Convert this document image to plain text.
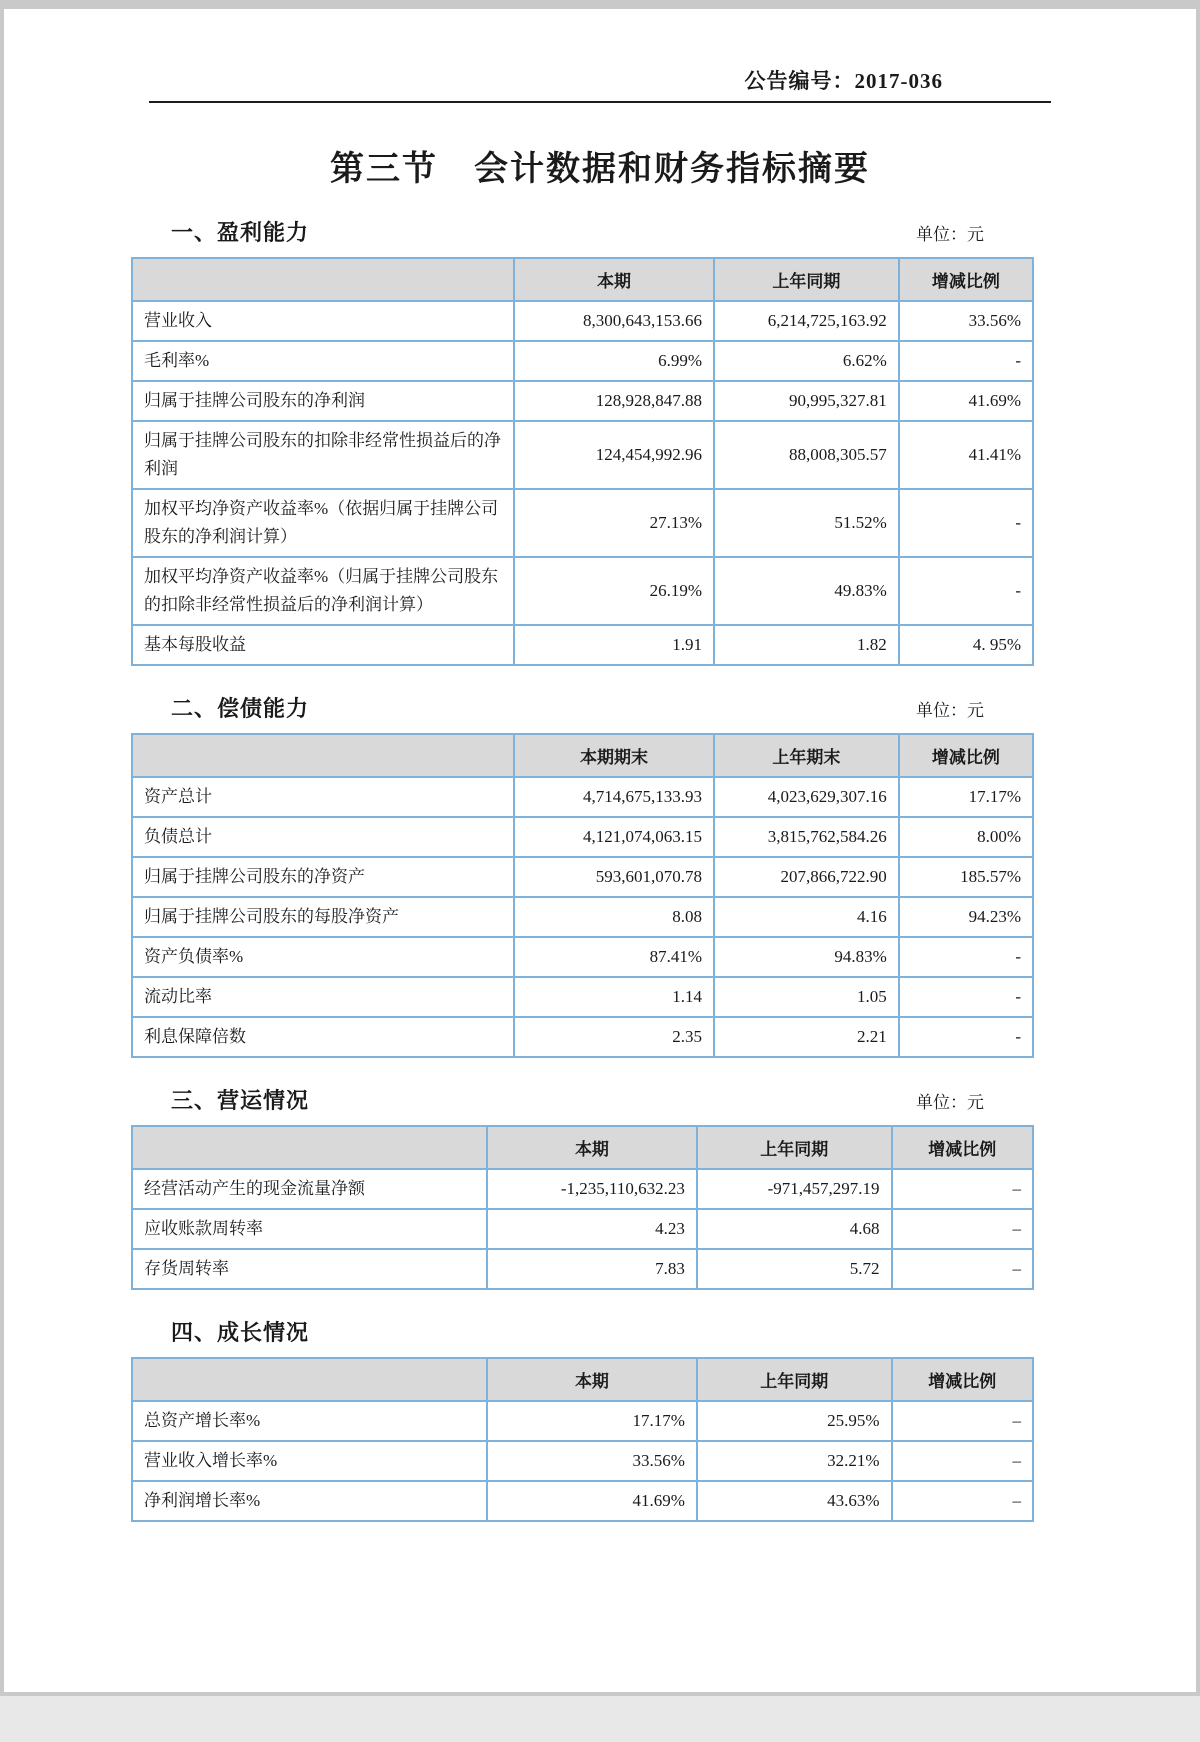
公告编号：2017-036
第三节　会计数据和财务指标摘要
一、盈利能力	单位：元
	本期	上年同期	增减比例
营业收入	8,300,643,153.66	6,214,725,163.92	33.56%
毛利率%	6.99%	6.62%	-
归属于挂牌公司股东的净利润	128,928,847.88	90,995,327.81	41.69%
归属于挂牌公司股东的扣除非经常性损益后的净利润	124,454,992.96	88,008,305.57	41.41%
加权平均净资产收益率%（依据归属于挂牌公司股东的净利润计算）	27.13%	51.52%	-
加权平均净资产收益率%（归属于挂牌公司股东的扣除非经常性损益后的净利润计算）	26.19%	49.83%	-
基本每股收益	1.91	1.82	4. 95%
二、偿债能力	单位：元
	本期期末	上年期末	增减比例
资产总计	4,714,675,133.93	4,023,629,307.16	17.17%
负债总计	4,121,074,063.15	3,815,762,584.26	8.00%
归属于挂牌公司股东的净资产	593,601,070.78	207,866,722.90	185.57%
归属于挂牌公司股东的每股净资产	8.08	4.16	94.23%
资产负债率%	87.41%	94.83%	-
流动比率	1.14	1.05	-
利息保障倍数	2.35	2.21	-
三、营运情况	单位：元
	本期	上年同期	增减比例
经营活动产生的现金流量净额	-1,235,110,632.23	-971,457,297.19	–
应收账款周转率	4.23	4.68	–
存货周转率	7.83	5.72	–
四、成长情况
	本期	上年同期	增减比例
总资产增长率%	17.17%	25.95%	–
营业收入增长率%	33.56%	32.21%	–
净利润增长率%	41.69%	43.63%	–
